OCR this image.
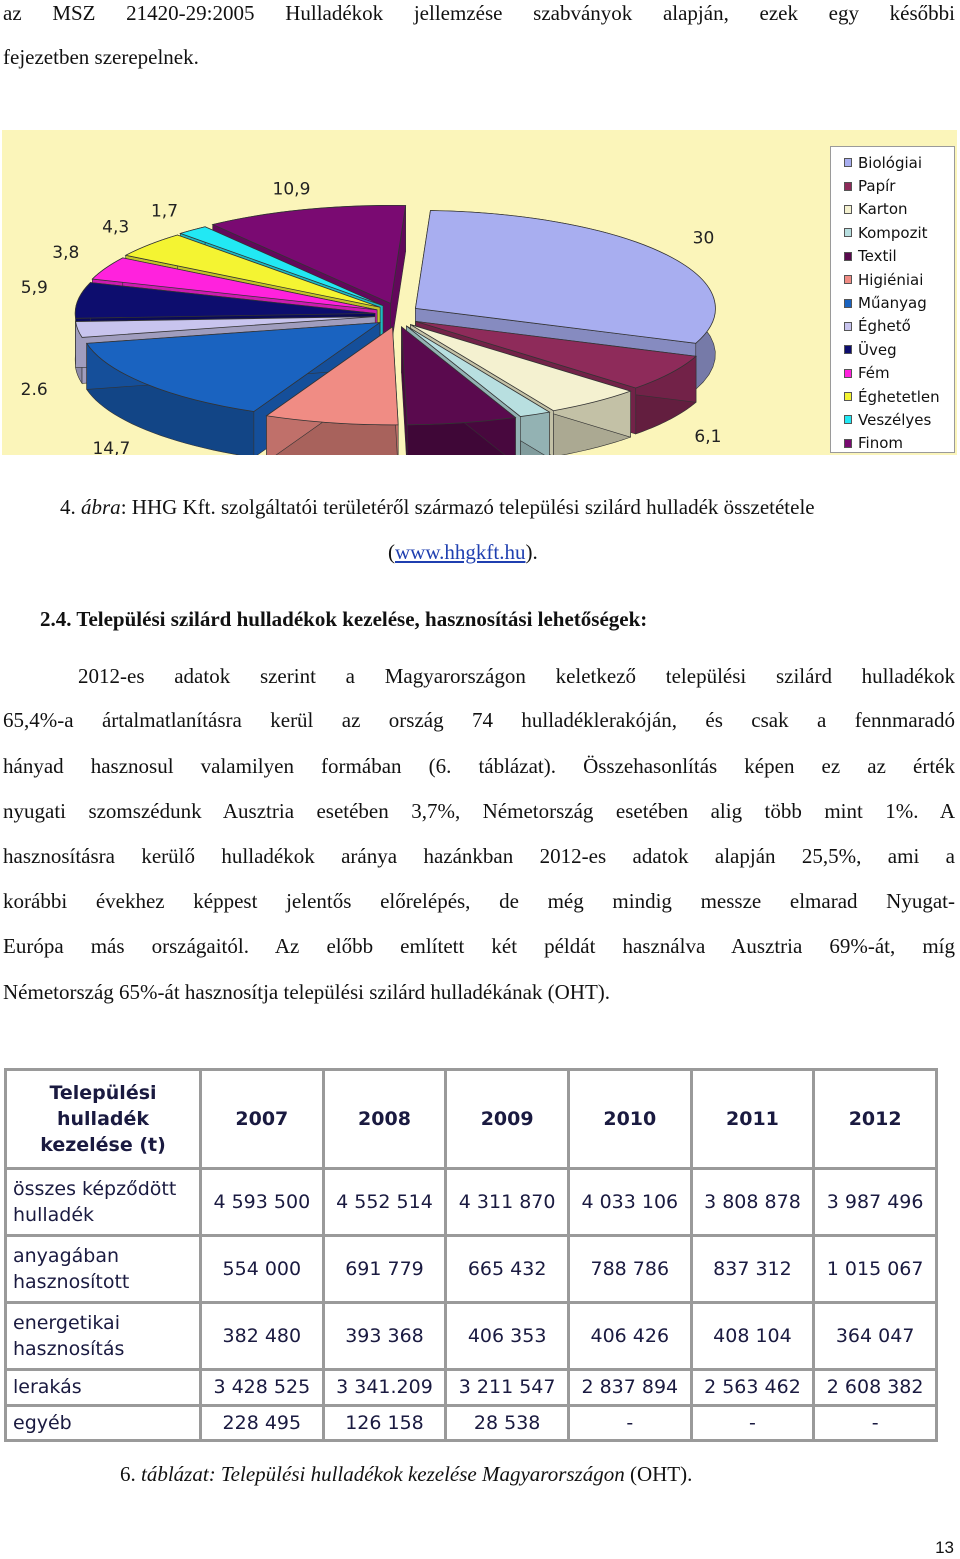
az MSZ 21420-29:2005 Hulladékok jellemzése szabványok alapján, ezek egy későbbi
fejezetben szerepelnek.
30
6,1
14,7
2.6
5,9
3,8
4,3
1,7
10,9
Biológiai
Papír
Karton
Kompozit
Textil
Higiéniai
Műanyag
Éghető
Üveg
Fém
Éghetetlen
Veszélyes
Finom
4. ábra: HHG Kft. szolgáltatói területéről származó települési szilárd hulladék összetétele
(www.hhgkft.hu).
2.4. Települési szilárd hulladékok kezelése, hasznosítási lehetőségek:
2012-es adatok szerint a Magyarországon keletkező települési szilárd hulladékok
65,4%-a ártalmatlanításra kerül az ország 74 hulladéklerakóján, és csak a fennmaradó
hányad hasznosul valamilyen formában (6. táblázat). Összehasonlítás képen ez az érték
nyugati szomszédunk Ausztria esetében 3,7%, Németország esetében alig több mint 1%. A
hasznosításra kerülő hulladékok aránya hazánkban 2012-es adatok alapján 25,5%, ami a
korábbi évekhez képpest jelentős előrelépés, de még mindig messze elmarad Nyugat-
Európa más országaitól. Az előbb említett két példát használva Ausztria 69%-át, míg
Németország 65%-át hasznosítja települési szilárd hulladékának (OHT).
Települési hulladék kezelése (t)	2007	2008	2009	2010	2011	2012
összes képződött hulladék	4 593 500	4 552 514	4 311 870	4 033 106	3 808 878	3 987 496
anyagában hasznosított	554 000	691 779	665 432	788 786	837 312	1 015 067
energetikai hasznosítás	382 480	393 368	406 353	406 426	408 104	364 047
lerakás	3 428 525	3 341.209	3 211 547	2 837 894	2 563 462	2 608 382
egyéb	228 495	126 158	28 538	-	-	-
6. táblázat: Települési hulladékok kezelése Magyarországon (OHT).
13
